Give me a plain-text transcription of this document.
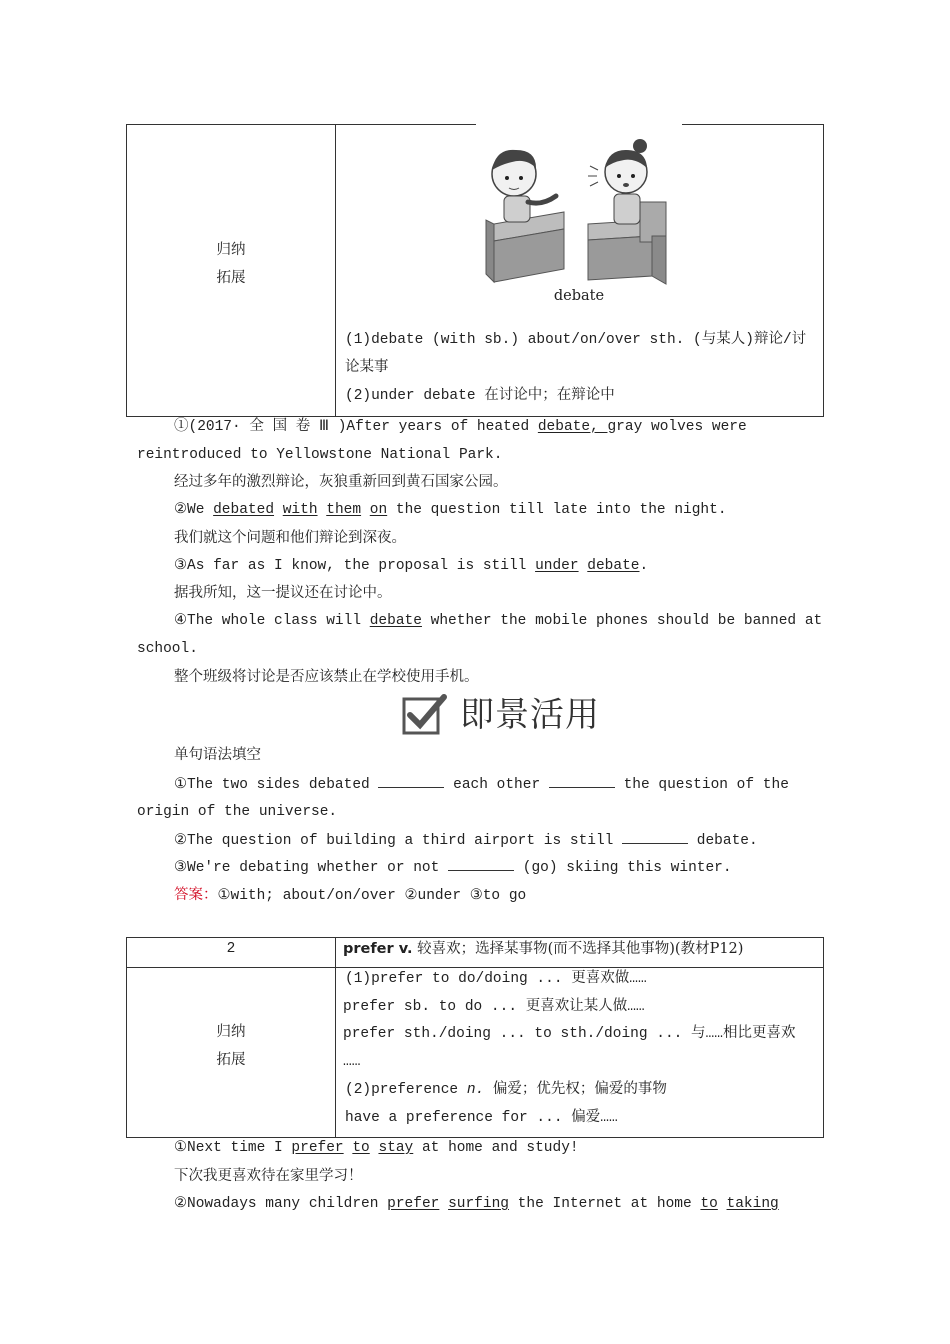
归纳
拓展
debate
(1)debate (with sb.) about/on/over sth. (与某人)辩论/讨
论某事
(2)under debate 在讨论中；在辩论中
①(2017· 全 国 卷 Ⅲ )After years of heated debate, gray wolves were
reintroduced to Yellowstone National Park.
经过多年的激烈辩论，灰狼重新回到黄石国家公园。
②We debated with them on the question till late into the night.
我们就这个问题和他们辩论到深夜。
③As far as I know, the proposal is still under debate.
据我所知，这一提议还在讨论中。
④The whole class will debate whether the mobile phones should be banned at
school.
整个班级将讨论是否应该禁止在学校使用手机。
即景活用
单句语法填空
①The two sides debated	each other	the question of the
origin of the universe.
②The question of building a third airport is still	debate.
③We're debating whether or not	(go) skiing this winter.
答案：①with; about/on/over ②under ③to go
2	prefer v. 较喜欢；选择某事物(而不选择其他事物)(教材P12)
归纳
拓展
(1)prefer to do/doing ... 更喜欢做……
prefer sb. to do ... 更喜欢让某人做……
prefer sth./doing ... to sth./doing ... 与……相比更喜欢
……
(2)preference n. 偏爱；优先权；偏爱的事物
have a preference for ... 偏爱……
①Next time I prefer to stay at home and study!
下次我更喜欢待在家里学习！
②Nowadays many children prefer surfing the Internet at home to taking
